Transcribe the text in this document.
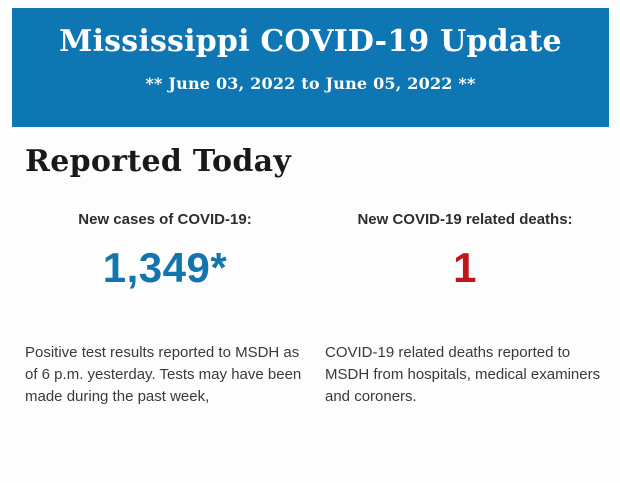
Mississippi COVID-19 Update
** June 03, 2022 to June 05, 2022 **
Reported Today
New cases of COVID-19:
1,349*
Positive test results reported to MSDH as of 6 p.m. yesterday. Tests may have been made during the past week,
New COVID-19 related deaths:
1
COVID-19 related deaths reported to MSDH from hospitals, medical examiners and coroners.
